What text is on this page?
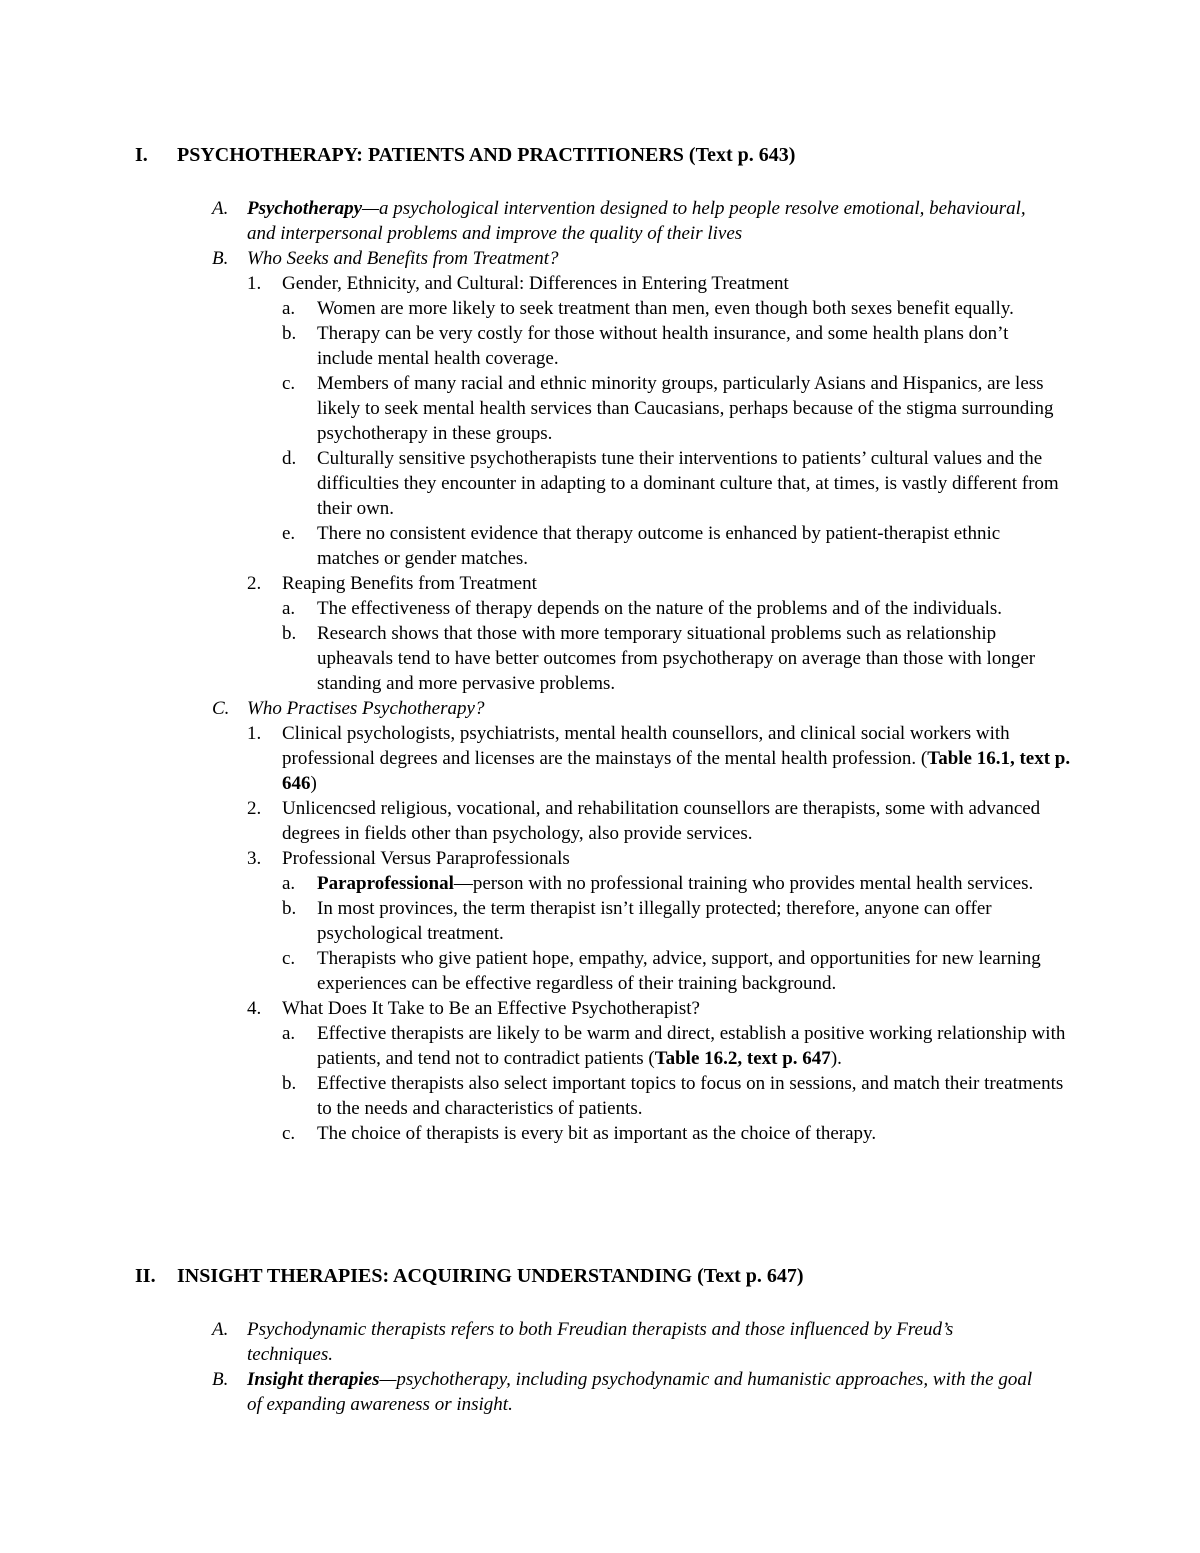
I. PSYCHOTHERAPY: PATIENTS AND PRACTITIONERS (Text p. 643)
A. Psychotherapy—a psychological intervention designed to help people resolve emotional, behavioural, and interpersonal problems and improve the quality of their lives
B. Who Seeks and Benefits from Treatment?
1.	Gender, Ethnicity, and Cultural: Differences in Entering Treatment
a.	Women are more likely to seek treatment than men, even though both sexes benefit equally.
b.	Therapy can be very costly for those without health insurance, and some health plans don’t include mental health coverage.
c.	Members of many racial and ethnic minority groups, particularly Asians and Hispanics, are less likely to seek mental health services than Caucasians, perhaps because of the stigma surrounding psychotherapy in these groups.
d.	Culturally sensitive psychotherapists tune their interventions to patients’ cultural values and the difficulties they encounter in adapting to a dominant culture that, at times, is vastly different from their own.
e.	There no consistent evidence that therapy outcome is enhanced by patient-therapist ethnic matches or gender matches.
2.	Reaping Benefits from Treatment
a.	The effectiveness of therapy depends on the nature of the problems and of the individuals.
b.	Research shows that those with more temporary situational problems such as relationship upheavals tend to have better outcomes from psychotherapy on average than those with longer standing and more pervasive problems.
C. Who Practises Psychotherapy?
1.	Clinical psychologists, psychiatrists, mental health counsellors, and clinical social workers with professional degrees and licenses are the mainstays of the mental health profession. (Table 16.1, text p. 646)
2.	Unlicencsed religious, vocational, and rehabilitation counsellors are therapists, some with advanced degrees in fields other than psychology, also provide services.
3.	Professional Versus Paraprofessionals
a.	Paraprofessional—person with no professional training who provides mental health services.
b.	In most provinces, the term therapist isn’t illegally protected; therefore, anyone can offer psychological treatment.
c.	Therapists who give patient hope, empathy, advice, support, and opportunities for new learning experiences can be effective regardless of their training background.
4.	What Does It Take to Be an Effective Psychotherapist?
a.	Effective therapists are likely to be warm and direct, establish a positive working relationship with patients, and tend not to contradict patients (Table 16.2, text p. 647).
b.	Effective therapists also select important topics to focus on in sessions, and match their treatments to the needs and characteristics of patients.
c.	The choice of therapists is every bit as important as the choice of therapy.
II. INSIGHT THERAPIES: ACQUIRING UNDERSTANDING (Text p. 647)
A. Psychodynamic therapists refers to both Freudian therapists and those influenced by Freud’s techniques.
B. Insight therapies—psychotherapy, including psychodynamic and humanistic approaches, with the goal of expanding awareness or insight.
